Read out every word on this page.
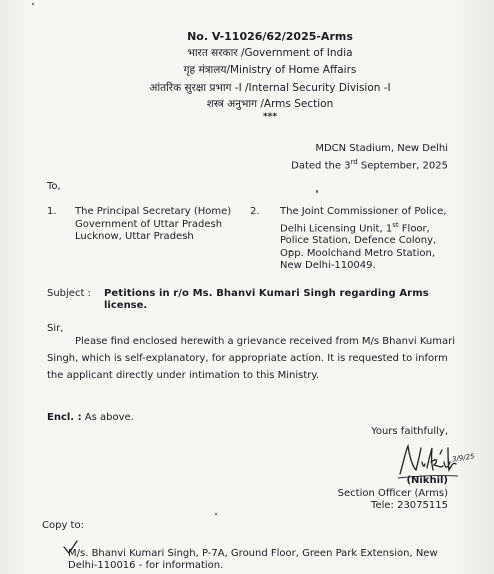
No. V-11026/62/2025-Arms
भारत सरकार /Government of India
गृह मंत्रालय/Ministry of Home Affairs
आंतरिक सुरक्षा प्रभाग -I /Internal Security Division -I
शस्त्र अनुभाग /Arms Section
***
MDCN Stadium, New Delhi
Dated the 3rd September, 2025
To,
1. The Principal Secretary (Home)
Government of Uttar Pradesh
Lucknow, Uttar Pradesh
2. The Joint Commissioner of Police,
Delhi Licensing Unit, 1st Floor,
Police Station, Defence Colony,
Opp. Moolchand Metro Station,
New Delhi-110049.
Subject : Petitions in r/o Ms. Bhanvi Kumari Singh regarding Arms
license.
Sir,
Please find enclosed herewith a grievance received from M/s Bhanvi Kumari
Singh, which is self-explanatory, for appropriate action. It is requested to inform
the applicant directly under intimation to this Ministry.
Encl. : As above.
Yours faithfully,
3/9/25
(Nikhil)
Section Officer (Arms)
Tele: 23075115
Copy to:
M/s. Bhanvi Kumari Singh, P-7A, Ground Floor, Green Park Extension, New
Delhi-110016 - for information.
